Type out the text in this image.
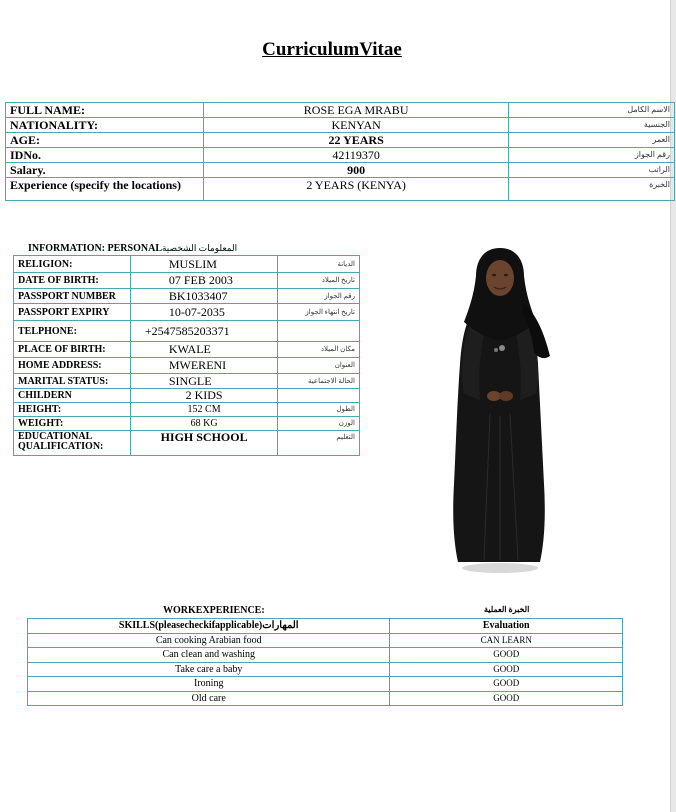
CurriculumVitae
FULL NAME:	ROSE EGA MRABU	الاسم الكامل
NATIONALITY:	KENYAN	الجنسية
AGE:	22 YEARS	العمر
IDNo.	42119370	رقم الجواز
Salary.	900	الراتب
Experience (specify the locations)	2 YEARS (KENYA)	الخبرة
INFORMATION: PERSONALالمعلومات الشخصية
RELIGION:	MUSLIM	الديانة
DATE OF BIRTH:	07 FEB 2003	تاريخ الميلاد
PASSPORT NUMBER	BK1033407	رقم الجواز
PASSPORT EXPIRY	10-07-2035	تاريخ انتهاء الجواز
TELPHONE:	+2547585203371	
PLACE OF BIRTH:	KWALE	مكان الميلاد
HOME ADDRESS:	MWERENI	العنوان
MARITAL STATUS:	SINGLE	الحالة الاجتماعية
CHILDERN	2 KIDS	
HEIGHT:	152 CM	الطول
WEIGHT:	68 KG	الوزن
EDUCATIONAL QUALIFICATION:	HIGH SCHOOL	التعليم
WORKEXPERIENCE:	الخبرة العملية
SKILLS(pleasecheckifapplicable)المهارات	Evaluation
Can cooking Arabian food	CAN LEARN
Can clean and washing	GOOD
Take care a baby	GOOD
Ironing	GOOD
Old care	GOOD
